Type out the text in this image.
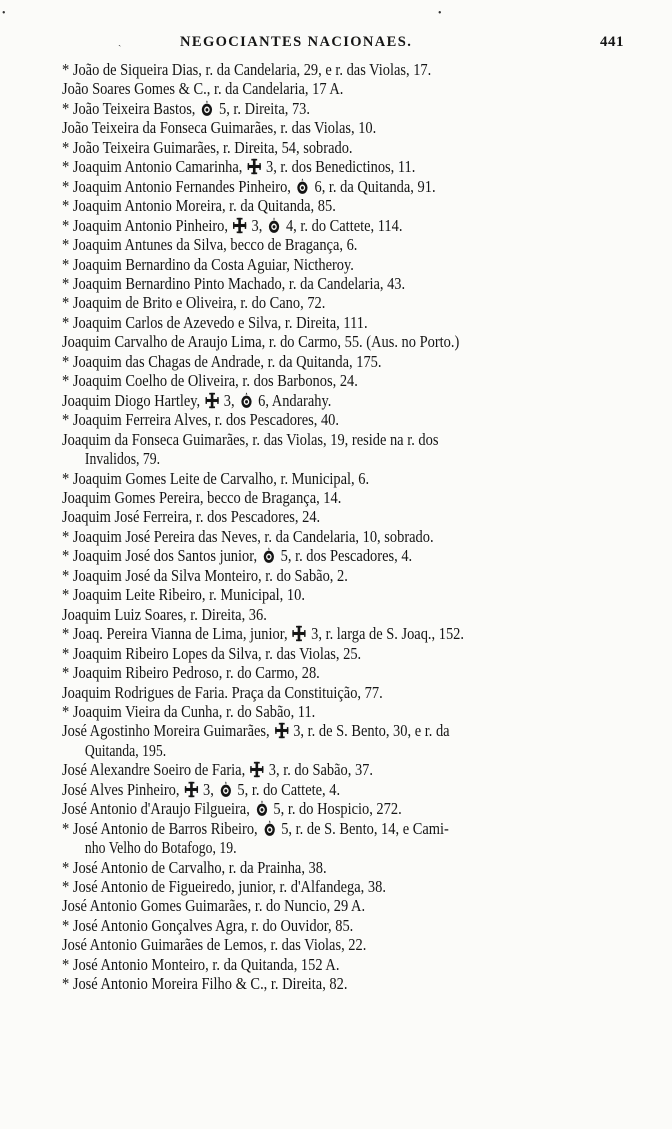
•	•
ˎ	NEGOCIANTES NACIONAES.	441
* João de Siqueira Dias, r. da Candelaria, 29, e r. das Violas, 17.
João Soares Gomes & C., r. da Candelaria, 17 A.
* João Teixeira Bastos,
5, r. Direita, 73.
João Teixeira da Fonseca Guimarães, r. das Violas, 10.
* João Teixeira Guimarães, r. Direita, 54, sobrado.
* Joaquim Antonio Camarinha,
3, r. dos Benedictinos, 11.
* Joaquim Antonio Fernandes Pinheiro,
6, r. da Quitanda, 91.
* Joaquim Antonio Moreira, r. da Quitanda, 85.
* Joaquim Antonio Pinheiro,
3,
4, r. do Cattete, 114.
* Joaquim Antunes da Silva, becco de Bragança, 6.
* Joaquim Bernardino da Costa Aguiar, Nictheroy.
* Joaquim Bernardino Pinto Machado, r. da Candelaria, 43.
* Joaquim de Brito e Oliveira, r. do Cano, 72.
* Joaquim Carlos de Azevedo e Silva, r. Direita, 111.
Joaquim Carvalho de Araujo Lima, r. do Carmo, 55. (Aus. no Porto.)
* Joaquim das Chagas de Andrade, r. da Quitanda, 175.
* Joaquim Coelho de Oliveira, r. dos Barbonos, 24.
Joaquim Diogo Hartley,
3,
6, Andarahy.
* Joaquim Ferreira Alves, r. dos Pescadores, 40.
Joaquim da Fonseca Guimarães, r. das Violas, 19, reside na r. dos
Invalidos, 79.
* Joaquim Gomes Leite de Carvalho, r. Municipal, 6.
Joaquim Gomes Pereira, becco de Bragança, 14.
Joaquim José Ferreira, r. dos Pescadores, 24.
* Joaquim José Pereira das Neves, r. da Candelaria, 10, sobrado.
* Joaquim José dos Santos junior,
5, r. dos Pescadores, 4.
* Joaquim José da Silva Monteiro, r. do Sabão, 2.
* Joaquim Leite Ribeiro, r. Municipal, 10.
Joaquim Luiz Soares, r. Direita, 36.
* Joaq. Pereira Vianna de Lima, junior,
3, r. larga de S. Joaq., 152.
* Joaquim Ribeiro Lopes da Silva, r. das Violas, 25.
* Joaquim Ribeiro Pedroso, r. do Carmo, 28.
Joaquim Rodrigues de Faria. Praça da Constituição, 77.
* Joaquim Vieira da Cunha, r. do Sabão, 11.
José Agostinho Moreira Guimarães,
3, r. de S. Bento, 30, e r. da
Quitanda, 195.
José Alexandre Soeiro de Faria,
3, r. do Sabão, 37.
José Alves Pinheiro,
3,
5, r. do Cattete, 4.
José Antonio d'Araujo Filgueira,
5, r. do Hospicio, 272.
* José Antonio de Barros Ribeiro,
5, r. de S. Bento, 14, e Cami-
nho Velho do Botafogo, 19.
* José Antonio de Carvalho, r. da Prainha, 38.
* José Antonio de Figueiredo, junior, r. d'Alfandega, 38.
José Antonio Gomes Guimarães, r. do Nuncio, 29 A.
* José Antonio Gonçalves Agra, r. do Ouvidor, 85.
José Antonio Guimarães de Lemos, r. das Violas, 22.
* José Antonio Monteiro, r. da Quitanda, 152 A.
* José Antonio Moreira Filho & C., r. Direita, 82.
